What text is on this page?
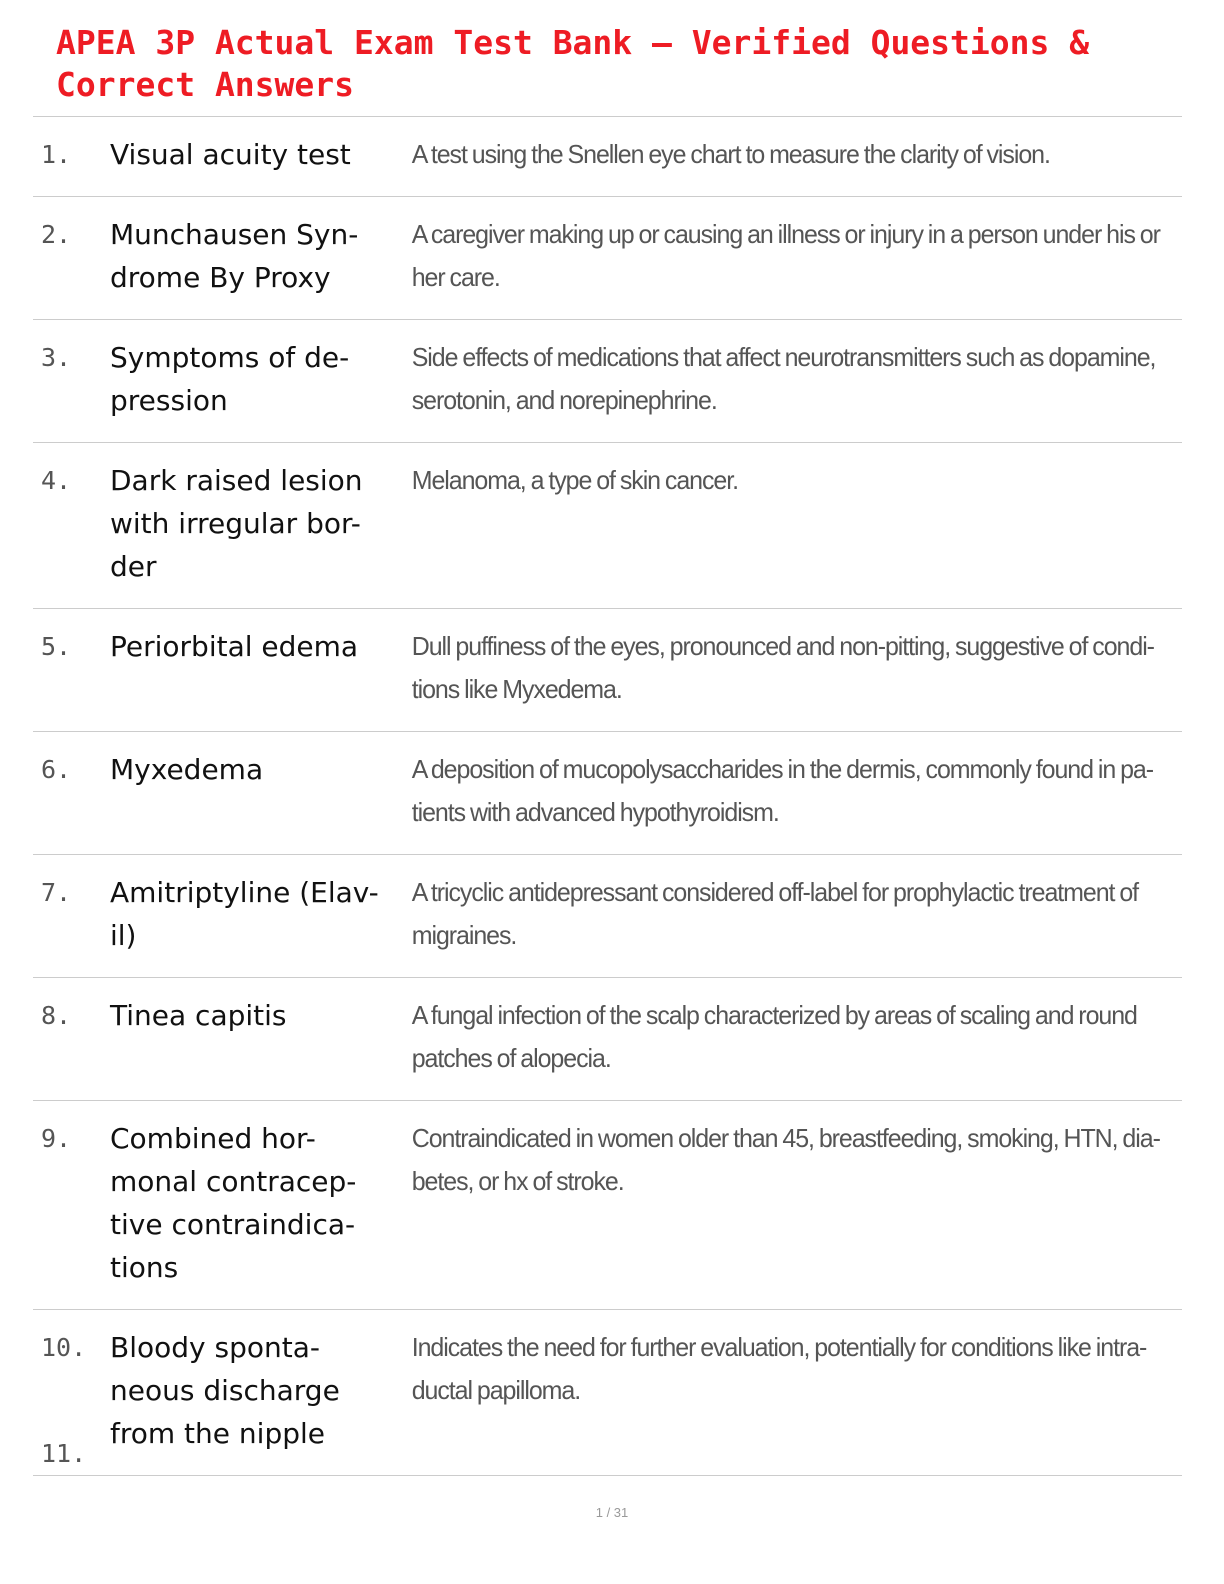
APEA 3P Actual Exam Test Bank – Verified Questions & Correct Answers
1.	Visual acuity test	A test using the Snellen eye chart to measure the clarity of vision.
2.	Munchausen Syn-drome By Proxy	A caregiver making up or causing an illness or injury in a person under his or her care.
3.	Symptoms of de-pression	Side effects of medications that affect neurotransmitters such as dopamine, serotonin, and norepinephrine.
4.	Dark raised lesion with irregular bor-der	Melanoma, a type of skin cancer.
5.	Periorbital edema	Dull puffiness of the eyes, pronounced and non-pitting, suggestive of condi-tions like Myxedema.
6.	Myxedema	A deposition of mucopolysaccharides in the dermis, commonly found in pa-tients with advanced hypothyroidism.
7.	Amitriptyline (Elav-il)	A tricyclic antidepressant considered off-label for prophylactic treatment of migraines.
8.	Tinea capitis	A fungal infection of the scalp characterized by areas of scaling and round patches of alopecia.
9.	Combined hor-monal contracep-tive contraindica-tions	Contraindicated in women older than 45, breastfeeding, smoking, HTN, dia-betes, or hx of stroke.
10.	Bloody sponta-neous discharge from the nipple	Indicates the need for further evaluation, potentially for conditions like intra-ductal papilloma.
11.
1 / 31
